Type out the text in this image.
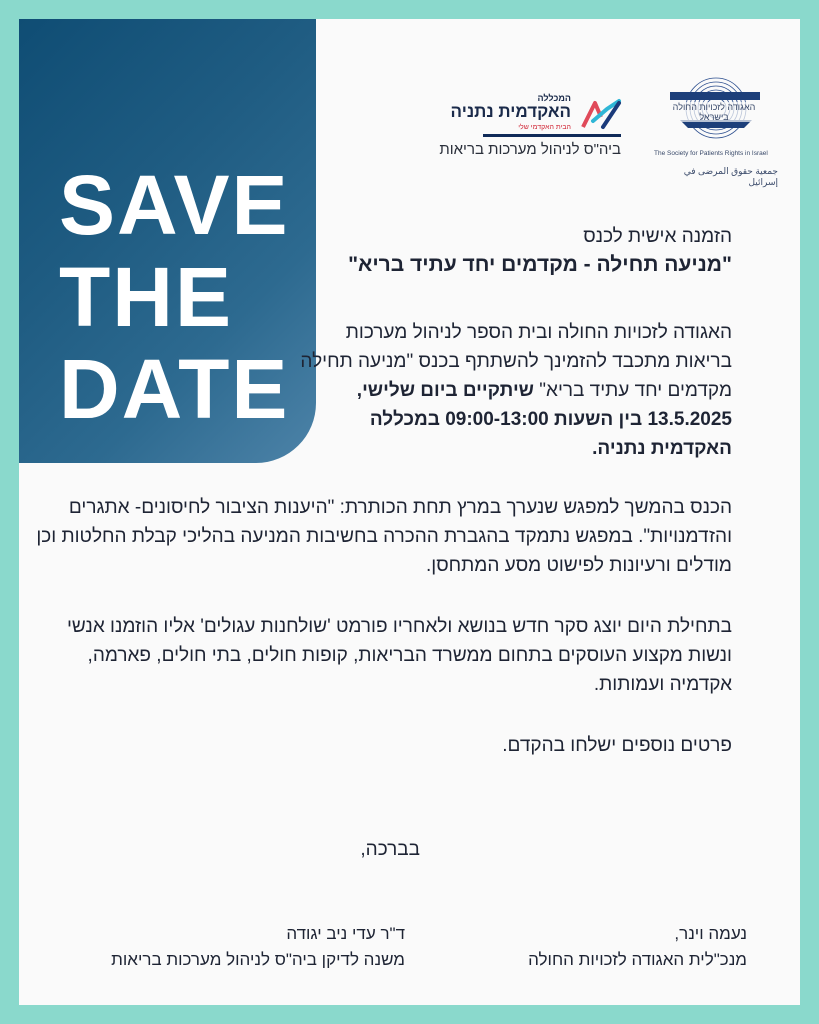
SAVE
THE
DATE
האגודה לזכויות החולה בישראל
The Society for Patients Rights in Israel
جمعية حقوق المرضى في إسرائيل
המכללה
האקדמית נתניה
הבית האקדמי שלי
ביה"ס לניהול מערכות בריאות
הזמנה אישית לכנס
"מניעה תחילה - מקדמים יחד עתיד בריא"

האגודה לזכויות החולה ובית הספר לניהול מערכות בריאות מתכבד להזמינך להשתתף בכנס "מניעה תחילה מקדמים יחד עתיד בריא" שיתקיים ביום שלישי, 13.5.2025 בין השעות 09:00-13:00 במכללה האקדמית נתניה.

הכנס בהמשך למפגש שנערך במרץ תחת הכותרת: "היענות הציבור לחיסונים- אתגרים והזדמנויות". במפגש נתמקד בהגברת ההכרה בחשיבות המניעה בהליכי קבלת החלטות וכן מודלים ורעיונות לפישוט מסע המתחסן.

בתחילת היום יוצג סקר חדש בנושא ולאחריו פורמט 'שולחנות עגולים' אליו הוזמנו אנשי ונשות מקצוע העוסקים בתחום ממשרד הבריאות, קופות חולים, בתי חולים, פארמה, אקדמיה ועמותות.

פרטים נוספים ישלחו בהקדם.

בברכה,
נעמה וינר,
מנכ"לית האגודה לזכויות החולה
ד"ר עדי ניב יגודה
משנה לדיקן ביה"ס לניהול מערכות בריאות
